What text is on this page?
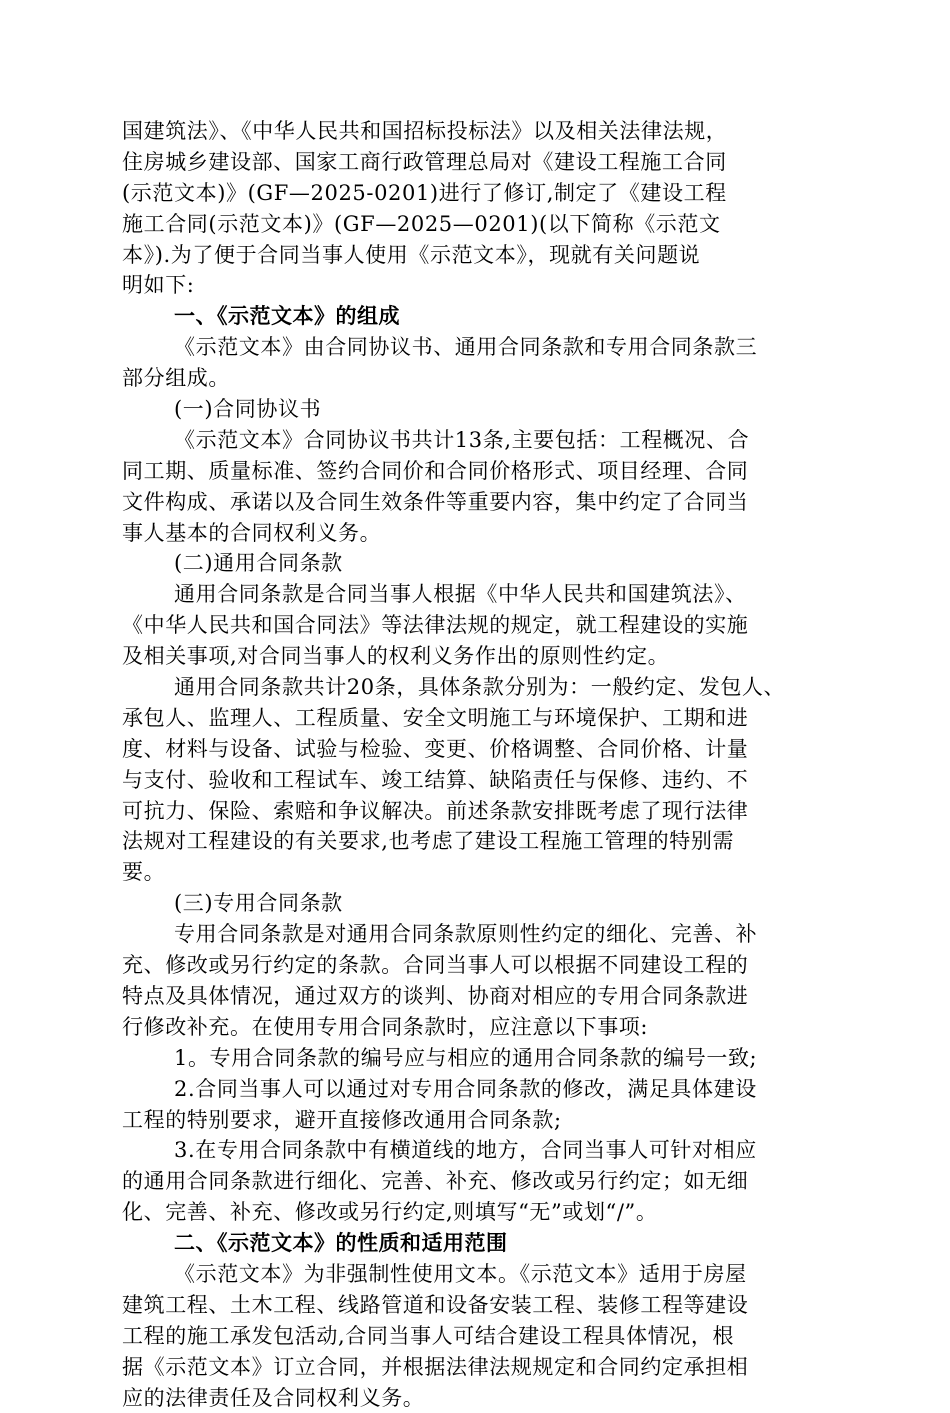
国建筑法》、《中华人民共和国招标投标法》以及相关法律法规，
住房城乡建设部、国家工商行政管理总局对《建设工程施工合同
(示范文本)》(GF—2025-0201)进行了修订,制定了《建设工程
施工合同(示范文本)》(GF—2025—0201)(以下简称《示范文
本》).为了便于合同当事人使用《示范文本》，现就有关问题说
明如下:
一、《示范文本》的组成
《示范文本》由合同协议书、通用合同条款和专用合同条款三
部分组成。
(一)合同协议书
《示范文本》合同协议书共计13条,主要包括：工程概况、合
同工期、质量标准、签约合同价和合同价格形式、项目经理、合同
文件构成、承诺以及合同生效条件等重要内容，集中约定了合同当
事人基本的合同权利义务。
(二)通用合同条款
通用合同条款是合同当事人根据《中华人民共和国建筑法》、
《中华人民共和国合同法》等法律法规的规定，就工程建设的实施
及相关事项,对合同当事人的权利义务作出的原则性约定。
通用合同条款共计20条，具体条款分别为：一般约定、发包人、
承包人、监理人、工程质量、安全文明施工与环境保护、工期和进
度、材料与设备、试验与检验、变更、价格调整、合同价格、计量
与支付、验收和工程试车、竣工结算、缺陷责任与保修、违约、不
可抗力、保险、索赔和争议解决。前述条款安排既考虑了现行法律
法规对工程建设的有关要求,也考虑了建设工程施工管理的特别需
要。
(三)专用合同条款
专用合同条款是对通用合同条款原则性约定的细化、完善、补
充、修改或另行约定的条款。合同当事人可以根据不同建设工程的
特点及具体情况，通过双方的谈判、协商对相应的专用合同条款进
行修改补充。在使用专用合同条款时，应注意以下事项:
1。专用合同条款的编号应与相应的通用合同条款的编号一致;
2.合同当事人可以通过对专用合同条款的修改，满足具体建设
工程的特别要求，避开直接修改通用合同条款;
3.在专用合同条款中有横道线的地方，合同当事人可针对相应
的通用合同条款进行细化、完善、补充、修改或另行约定；如无细
化、完善、补充、修改或另行约定,则填写“无”或划“/”。
二、《示范文本》的性质和适用范围
《示范文本》为非强制性使用文本。《示范文本》适用于房屋
建筑工程、土木工程、线路管道和设备安装工程、装修工程等建设
工程的施工承发包活动,合同当事人可结合建设工程具体情况，根
据《示范文本》订立合同，并根据法律法规规定和合同约定承担相
应的法律责任及合同权利义务。
